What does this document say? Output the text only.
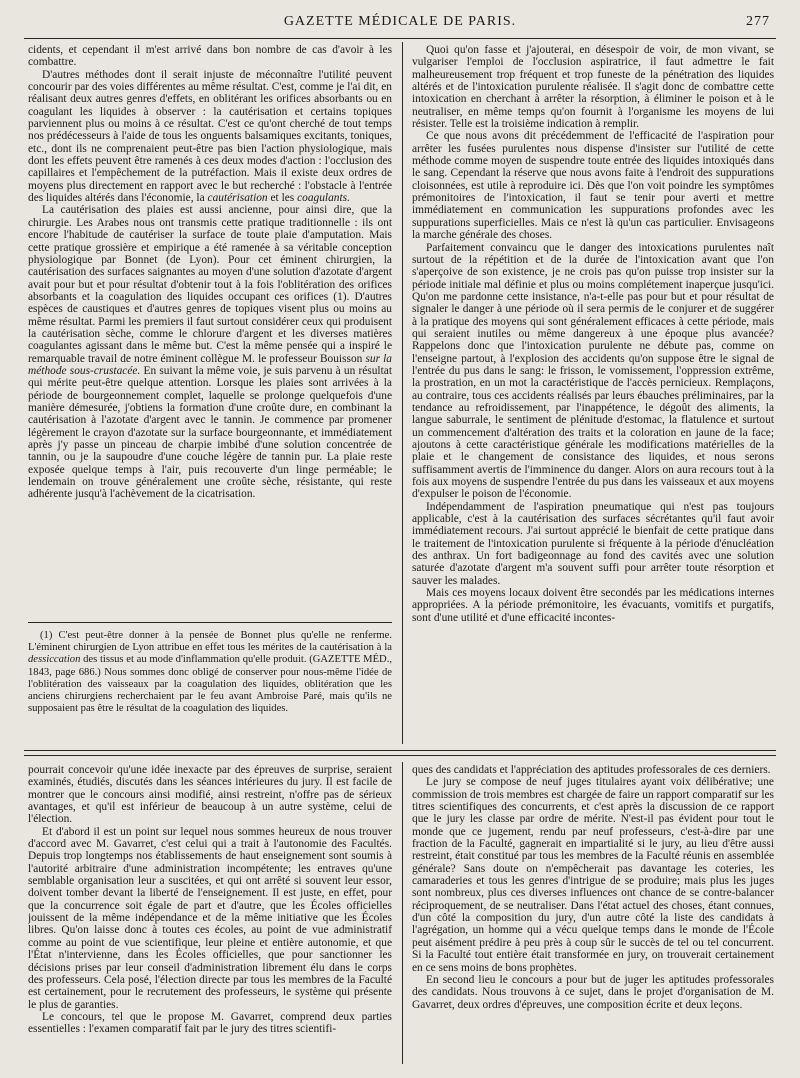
GAZETTE MÉDICALE DE PARIS.	277

cidents, et cependant il m'est arrivé dans bon nombre de cas d'avoir à les combattre.

D'autres méthodes dont il serait injuste de méconnaître l'utilité peuvent concourir par des voies différentes au même résultat. C'est, comme je l'ai dit, en réalisant deux autres genres d'effets, en oblitérant les orifices absorbants ou en coagulant les liquides à observer : la cautérisation et certains topiques parviennent plus ou moins à ce résultat. C'est ce qu'ont cherché de tout temps nos prédécesseurs à l'aide de tous les onguents balsamiques excitants, toniques, etc., dont ils ne comprenaient peut-être pas bien l'action physiologique, mais dont les effets peuvent être ramenés à ces deux modes d'action : l'occlusion des capillaires et l'empêchement de la putréfaction. Mais il existe deux ordres de moyens plus directement en rapport avec le but recherché : l'obstacle à l'entrée des liquides altérés dans l'économie, la cautérisation et les coagulants.

La cautérisation des plaies est aussi ancienne, pour ainsi dire, que la chirurgie. Les Arabes nous ont transmis cette pratique traditionnelle : ils ont encore l'habitude de cautériser la surface de toute plaie d'amputation. Mais cette pratique grossière et empirique a été ramenée à sa véritable conception physiologique par Bonnet (de Lyon). Pour cet éminent chirurgien, la cautérisation des surfaces saignantes au moyen d'une solution d'azotate d'argent avait pour but et pour résultat d'obtenir tout à la fois l'oblitération des orifices absorbants et la coagulation des liquides occupant ces orifices (1). D'autres espèces de caustiques et d'autres genres de topiques visent plus ou moins au même résultat. Parmi les premiers il faut surtout considérer ceux qui produisent la cautérisation sèche, comme le chlorure d'argent et les diverses matières coagulantes agissant dans le même but. C'est la même pensée qui a inspiré le remarquable travail de notre éminent collègue M. le professeur Bouisson sur la méthode sous-crustacée. En suivant la même voie, je suis parvenu à un résultat qui mérite peut-être quelque attention. Lorsque les plaies sont arrivées à la période de bourgeonnement complet, laquelle se prolonge quelquefois d'une manière démesurée, j'obtiens la formation d'une croûte dure, en combinant la cautérisation à l'azotate d'argent avec le tannin. Je commence par promener légèrement le crayon d'azotate sur la surface bourgeonnante, et immédiatement après j'y passe un pinceau de charpie imbibé d'une solution concentrée de tannin, ou je la saupoudre d'une couche légère de tannin pur. La plaie reste exposée quelque temps à l'air, puis recouverte d'un linge perméable; le lendemain on trouve généralement une croûte sèche, résistante, qui reste adhérente jusqu'à l'achèvement de la cicatrisation.

(1) C'est peut-être donner à la pensée de Bonnet plus qu'elle ne renferme. L'éminent chirurgien de Lyon attribue en effet tous les mérites de la cautérisation à la dessiccation des tissus et au mode d'inflammation qu'elle produit. (GAZETTE MÉD., 1843, page 686.) Nous sommes donc obligé de conserver pour nous-même l'idée de l'oblitération des vaisseaux par la coagulation des liquides, oblitération que les anciens chirurgiens recherchaient par le feu avant Ambroise Paré, mais qu'ils ne supposaient pas être le résultat de la coagulation des liquides.

Quoi qu'on fasse et j'ajouterai, en désespoir de voir, de mon vivant, se vulgariser l'emploi de l'occlusion aspiratrice, il faut admettre le fait malheureusement trop fréquent et trop funeste de la pénétration des liquides altérés et de l'intoxication purulente réalisée. Il s'agit donc de combattre cette intoxication en cherchant à arrêter la résorption, à éliminer le poison et à le neutraliser, en même temps qu'on fournit à l'organisme les moyens de lui résister. Telle est la troisième indication à remplir.

Ce que nous avons dit précédemment de l'efficacité de l'aspiration pour arrêter les fusées purulentes nous dispense d'insister sur l'utilité de cette méthode comme moyen de suspendre toute entrée des liquides intoxiqués dans le sang. Cependant la réserve que nous avons faite à l'endroit des suppurations cloisonnées, est utile à reproduire ici. Dès que l'on voit poindre les symptômes prémonitoires de l'intoxication, il faut se tenir pour averti et mettre immédiatement en communication les suppurations profondes avec les suppurations superficielles. Mais ce n'est là qu'un cas particulier. Envisageons la marche générale des choses.

Parfaitement convaincu que le danger des intoxications purulentes naît surtout de la répétition et de la durée de l'intoxication avant que l'on s'aperçoive de son existence, je ne crois pas qu'on puisse trop insister sur la période initiale mal définie et plus ou moins complétement inaperçue jusqu'ici. Qu'on me pardonne cette insistance, n'a-t-elle pas pour but et pour résultat de signaler le danger à une période où il sera permis de le conjurer et de suggérer à la pratique des moyens qui sont généralement efficaces à cette période, mais qui seraient inutiles ou même dangereux à une époque plus avancée? Rappelons donc que l'intoxication purulente ne débute pas, comme on l'enseigne partout, à l'explosion des accidents qu'on suppose être le signal de l'entrée du pus dans le sang: le frisson, le vomissement, l'oppression extrême, la prostration, en un mot la caractéristique de l'accès pernicieux. Remplaçons, au contraire, tous ces accidents réalisés par leurs ébauches préliminaires, par la tendance au refroidissement, par l'inappétence, le dégoût des aliments, la langue saburrale, le sentiment de plénitude d'estomac, la flatulence et surtout un commencement d'altération des traits et la coloration en jaune de la face; ajoutons à cette caractéristique générale les modifications matérielles de la plaie et le changement de consistance des liquides, et nous serons suffisamment avertis de l'imminence du danger. Alors on aura recours tout à la fois aux moyens de suspendre l'entrée du pus dans les vaisseaux et aux moyens d'expulser le poison de l'économie.

Indépendamment de l'aspiration pneumatique qui n'est pas toujours applicable, c'est à la cautérisation des surfaces sécrétantes qu'il faut avoir immédiatement recours. J'ai surtout apprécié le bienfait de cette pratique dans le traitement de l'intoxication purulente si fréquente à la période d'énucléation des anthrax. Un fort badigeonnage au fond des cavités avec une solution saturée d'azotate d'argent m'a souvent suffi pour arrêter toute résorption et sauver les malades.

Mais ces moyens locaux doivent être secondés par les médications internes appropriées. A la période prémonitoire, les évacuants, vomitifs et purgatifs, sont d'une utilité et d'une efficacité incontes-

pourrait concevoir qu'une idée inexacte par des épreuves de surprise, seraient examinés, étudiés, discutés dans les séances intérieures du jury. Il est facile de montrer que le concours ainsi modifié, ainsi restreint, n'offre pas de sérieux avantages, et qu'il est inférieur de beaucoup à un autre système, celui de l'élection.

Et d'abord il est un point sur lequel nous sommes heureux de nous trouver d'accord avec M. Gavarret, c'est celui qui a trait à l'autonomie des Facultés. Depuis trop longtemps nos établissements de haut enseignement sont soumis à l'autorité arbitraire d'une administration incompétente; les entraves qu'une semblable organisation leur a suscitées, et qui ont arrêté si souvent leur essor, doivent tomber devant la liberté de l'enseignement. Il est juste, en effet, pour que la concurrence soit égale de part et d'autre, que les Écoles officielles jouissent de la même indépendance et de la même initiative que les Écoles libres. Qu'on laisse donc à toutes ces écoles, au point de vue administratif comme au point de vue scientifique, leur pleine et entière autonomie, et que l'État n'intervienne, dans les Écoles officielles, que pour sanctionner les décisions prises par leur conseil d'administration librement élu dans le corps des professeurs. Cela posé, l'élection directe par tous les membres de la Faculté est certainement, pour le recrutement des professeurs, le système qui présente le plus de garanties.

Le concours, tel que le propose M. Gavarret, comprend deux parties essentielles : l'examen comparatif fait par le jury des titres scientifi-

ques des candidats et l'appréciation des aptitudes professorales de ces derniers.

Le jury se compose de neuf juges titulaires ayant voix délibérative; une commission de trois membres est chargée de faire un rapport comparatif sur les titres scientifiques des concurrents, et c'est après la discussion de ce rapport que le jury les classe par ordre de mérite. N'est-il pas évident pour tout le monde que ce jugement, rendu par neuf professeurs, c'est-à-dire par une fraction de la Faculté, gagnerait en impartialité si le jury, au lieu d'être aussi restreint, était constitué par tous les membres de la Faculté réunis en assemblée générale? Sans doute on n'empêcherait pas davantage les coteries, les camaraderies et tous les genres d'intrigue de se produire; mais plus les juges sont nombreux, plus ces diverses influences ont chance de se contre-balancer réciproquement, de se neutraliser. Dans l'état actuel des choses, étant connues, d'un côté la composition du jury, d'un autre côté la liste des candidats à l'agrégation, un homme qui a vécu quelque temps dans le monde de l'École peut aisément prédire à peu près à coup sûr le succès de tel ou tel concurrent. Si la Faculté tout entière était transformée en jury, on trouverait certainement en ce sens moins de bons prophètes.

En second lieu le concours a pour but de juger les aptitudes professorales des candidats. Nous trouvons à ce sujet, dans le projet d'organisation de M. Gavarret, deux ordres d'épreuves, une composition écrite et deux leçons.
